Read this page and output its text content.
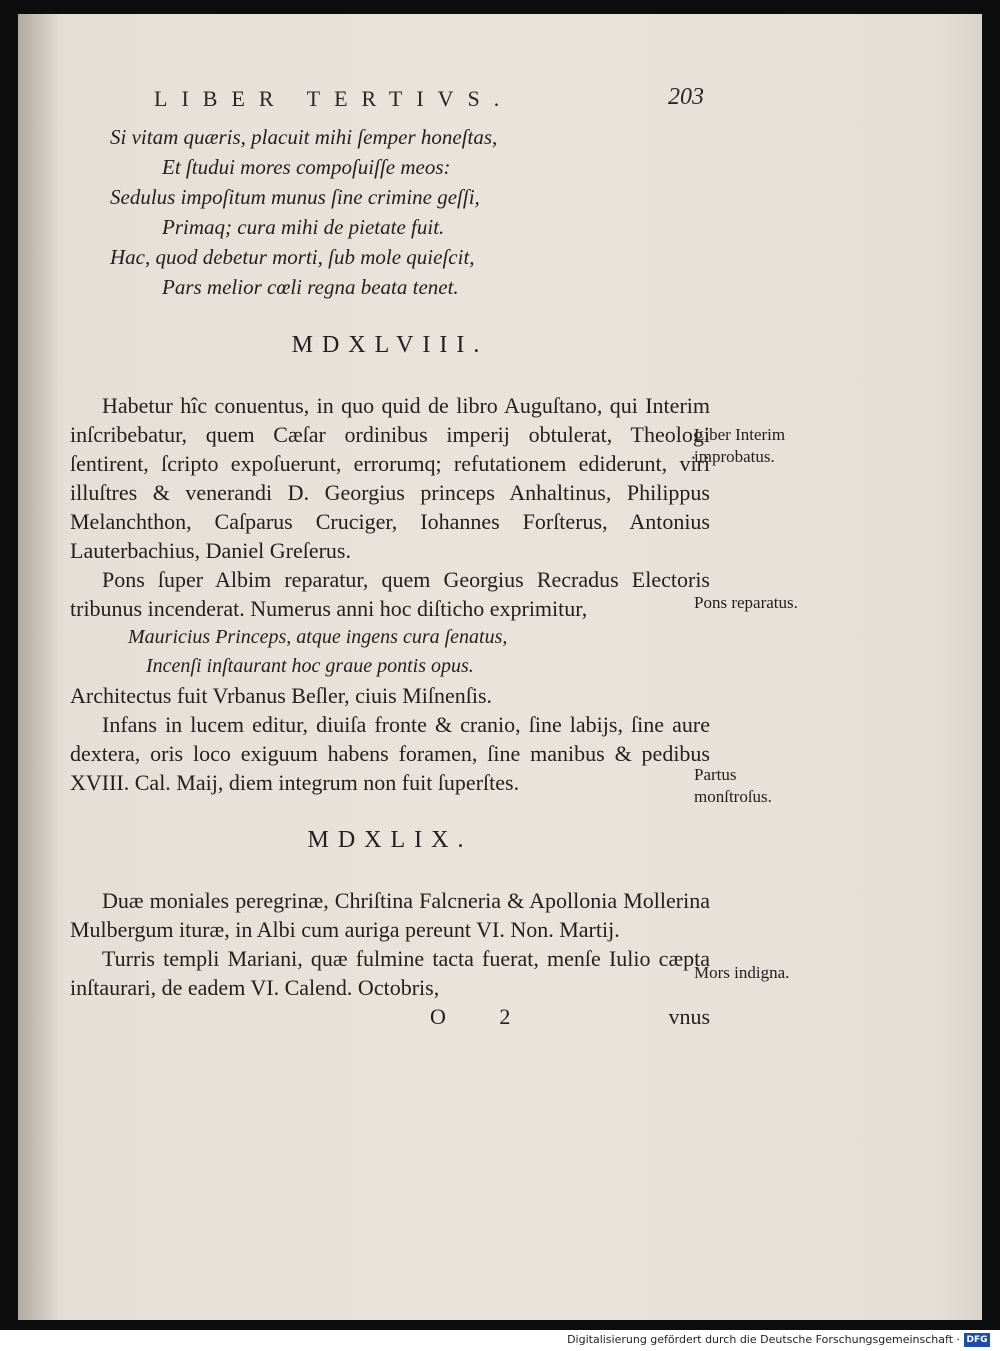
LIBER TERTIVS.	203
Si vitam quæris, placuit mihi ſemper honeſtas,
Et ſtudui mores compoſuiſſe meos:
Sedulus impoſitum munus ſine crimine geſſi,
Primaq; cura mihi de pietate fuit.
Hac, quod debetur morti, ſub mole quieſcit,
Pars melior cœli regna beata tenet.
MDXLVIII.

Habetur hîc conuentus, in quo quid de libro Auguſtano, qui Interim inſcribebatur, quem Cæſar ordinibus imperij obtulerat, Theologi ſentirent, ſcripto expoſuerunt, errorumq; refutationem ediderunt, viri illuſtres & venerandi D. Georgius princeps Anhaltinus, Philippus Melanchthon, Caſparus Cruciger, Iohannes Forſterus, Antonius Lauterbachius, Daniel Greſerus.

Pons ſuper Albim reparatur, quem Georgius Recradus Electoris tribunus incenderat. Numerus anni hoc diſticho exprimitur,

Mauricius Princeps, atque ingens cura ſenatus,
Incenſi inſtaurant hoc graue pontis opus.

Architectus fuit Vrbanus Beſler, ciuis Miſnenſis.

Infans in lucem editur, diuiſa fronte & cranio, ſine labijs, ſine aure dextera, oris loco exiguum habens foramen, ſine manibus & pedibus XVIII. Cal. Maij, diem integrum non fuit ſuperſtes.

MDXLIX.

Duæ moniales peregrinæ, Chriſtina Falcneria & Apollonia Mollerina Mulbergum ituræ, in Albi cum auriga pereunt VI. Non. Martij.

Turris templi Mariani, quæ fulmine tacta fuerat, menſe Iulio cæpta inſtaurari, de eadem VI. Calend. Octobris,

O 2	vnus
Liber Interim improbatus.
Pons reparatus.
Partus monſtroſus.
Mors indigna.
Digitalisierung gefördert durch die Deutsche Forschungsgemeinschaft · DFG
